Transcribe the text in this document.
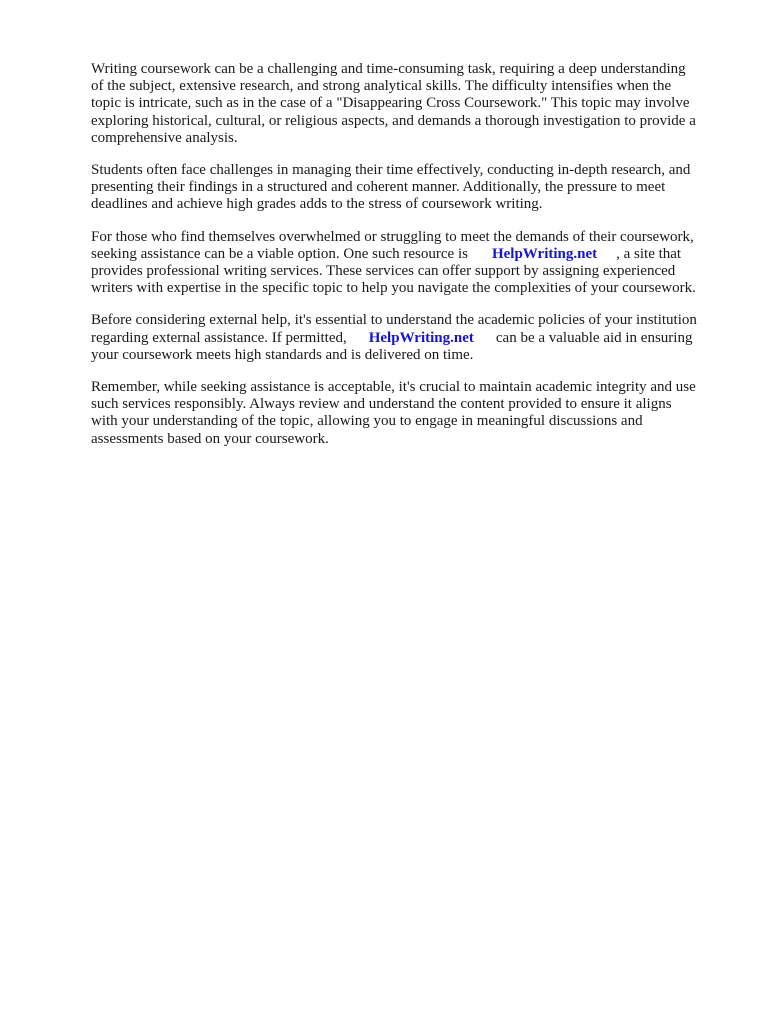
Writing coursework can be a challenging and time-consuming task, requiring a deep understanding
of the subject, extensive research, and strong analytical skills. The difficulty intensifies when the
topic is intricate, such as in the case of a "Disappearing Cross Coursework." This topic may involve
exploring historical, cultural, or religious aspects, and demands a thorough investigation to provide a
comprehensive analysis.

Students often face challenges in managing their time effectively, conducting in-depth research, and
presenting their findings in a structured and coherent manner. Additionally, the pressure to meet
deadlines and achieve high grades adds to the stress of coursework writing.

For those who find themselves overwhelmed or struggling to meet the demands of their coursework,
seeking assistance can be a viable option. One such resource is HelpWriting.net , a site that
provides professional writing services. These services can offer support by assigning experienced
writers with expertise in the specific topic to help you navigate the complexities of your coursework.

Before considering external help, it's essential to understand the academic policies of your institution
regarding external assistance. If permitted, HelpWriting.net can be a valuable aid in ensuring
your coursework meets high standards and is delivered on time.

Remember, while seeking assistance is acceptable, it's crucial to maintain academic integrity and use
such services responsibly. Always review and understand the content provided to ensure it aligns
with your understanding of the topic, allowing you to engage in meaningful discussions and
assessments based on your coursework.
